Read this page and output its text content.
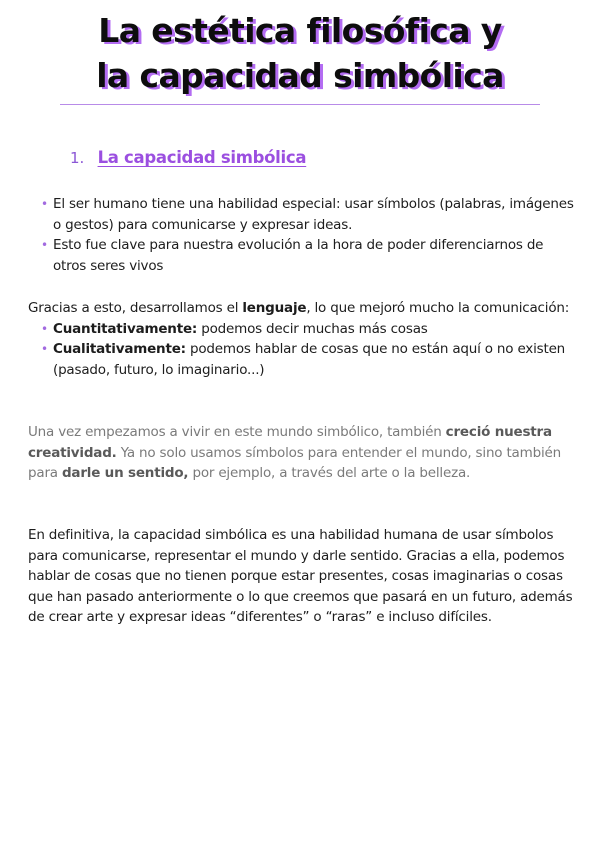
La estética filosófica y
la capacidad simbólica
1. La capacidad simbólica
• El ser humano tiene una habilidad especial: usar símbolos (palabras, imágenes o gestos) para comunicarse y expresar ideas.
• Esto fue clave para nuestra evolución a la hora de poder diferenciarnos de otros seres vivos
Gracias a esto, desarrollamos el lenguaje, lo que mejoró mucho la comunicación:
• Cuantitativamente: podemos decir muchas más cosas
• Cualitativamente: podemos hablar de cosas que no están aquí o no existen (pasado, futuro, lo imaginario...)
Una vez empezamos a vivir en este mundo simbólico, también creció nuestra creatividad. Ya no solo usamos símbolos para entender el mundo, sino también para darle un sentido, por ejemplo, a través del arte o la belleza.
En definitiva, la capacidad simbólica es una habilidad humana de usar símbolos para comunicarse, representar el mundo y darle sentido. Gracias a ella, podemos hablar de cosas que no tienen porque estar presentes, cosas imaginarias o cosas que han pasado anteriormente o lo que creemos que pasará en un futuro, además de crear arte y expresar ideas “diferentes” o “raras” e incluso difíciles.
